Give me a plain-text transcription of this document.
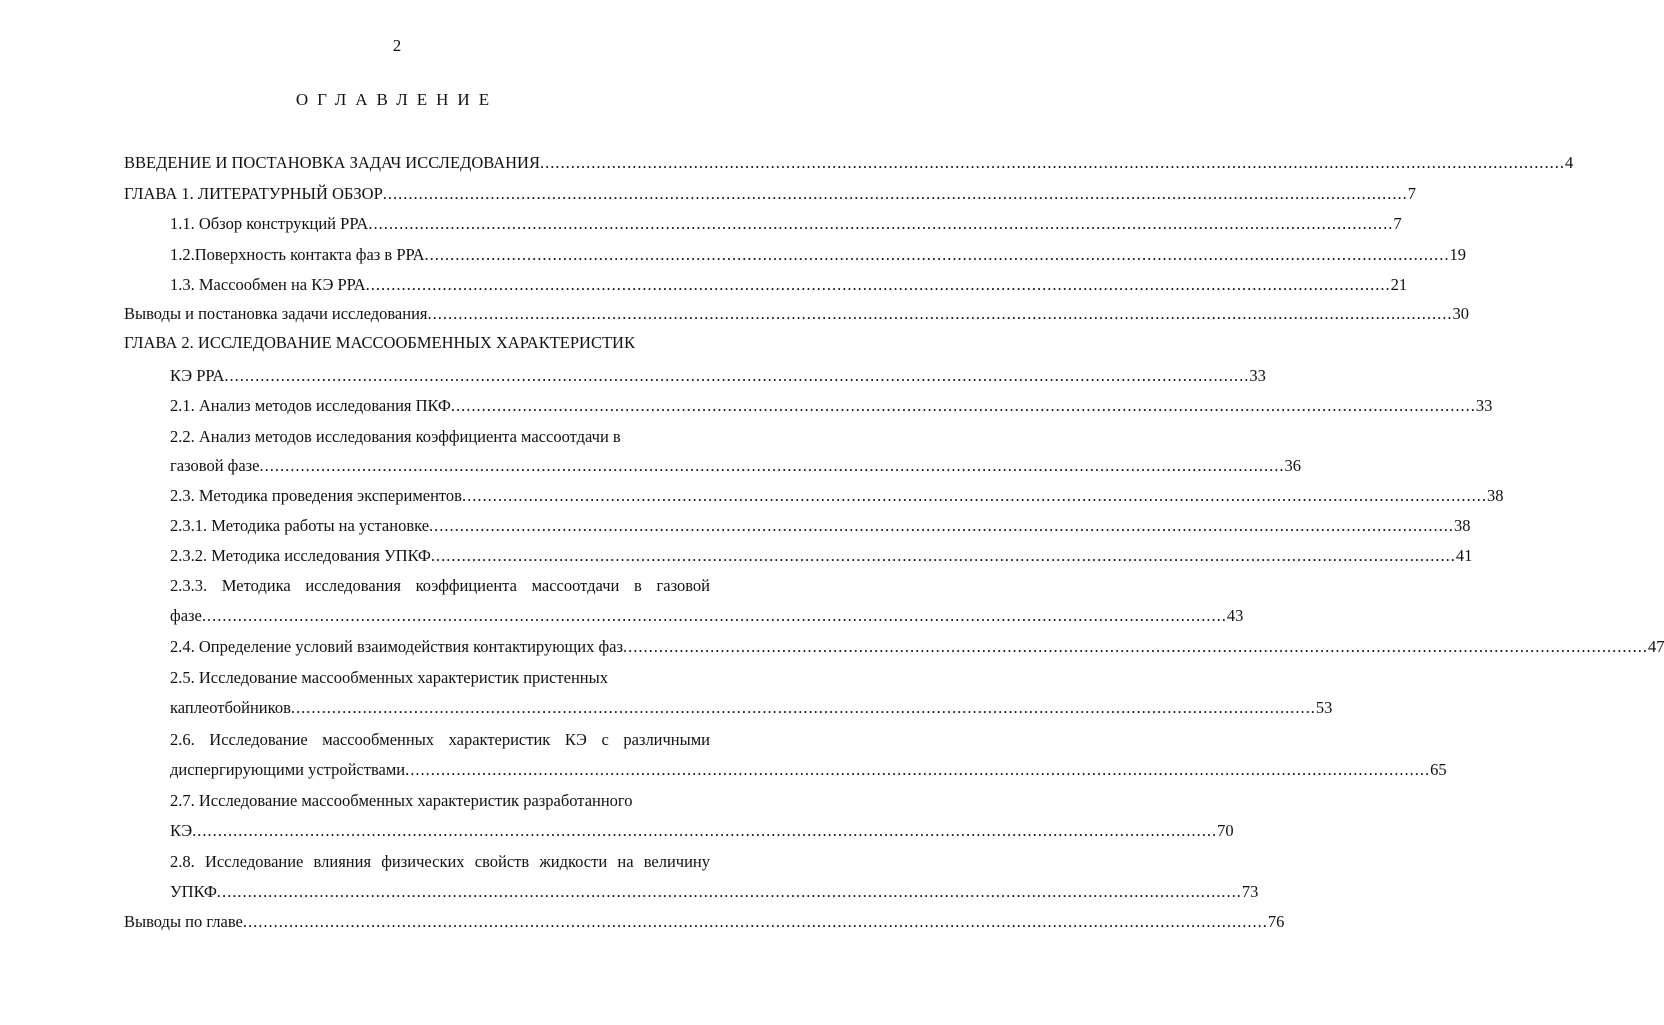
2
ОГЛАВЛЕНИЕ
ВВЕДЕНИЕ И ПОСТАНОВКА ЗАДАЧ ИССЛЕДОВАНИЯ ........................................................................................................................................................................................................ 4
ГЛАВА 1. ЛИТЕРАТУРНЫЙ ОБЗОР ........................................................................................................................................................................................................ 7
1.1. Обзор конструкций РРА ........................................................................................................................................................................................................ 7
1.2.Поверхность контакта фаз в РРА ........................................................................................................................................................................................................ 19
1.3. Массообмен на КЭ РРА ........................................................................................................................................................................................................ 21
Выводы и постановка задачи исследования ........................................................................................................................................................................................................ 30
ГЛАВА 2. ИССЛЕДОВАНИЕ МАССООБМЕННЫХ ХАРАКТЕРИСТИК
КЭ РРА ........................................................................................................................................................................................................ 33
2.1. Анализ методов исследования ПКФ ........................................................................................................................................................................................................ 33
2.2. Анализ методов исследования коэффициента массоотдачи в
газовой фазе ........................................................................................................................................................................................................ 36
2.3. Методика проведения экспериментов ........................................................................................................................................................................................................ 38
2.3.1. Методика работы на установке ........................................................................................................................................................................................................ 38
2.3.2. Методика исследования УПКФ ........................................................................................................................................................................................................ 41
2.3.3. Методика исследования коэффициента массоотдачи в газовой
фазе ........................................................................................................................................................................................................ 43
2.4. Определение условий взаимодействия контактирующих фаз ........................................................................................................................................................................................................ 47
2.5. Исследование массообменных характеристик пристенных
каплеотбойников ........................................................................................................................................................................................................ 53
2.6. Исследование массообменных характеристик КЭ с различными
диспергирующими устройствами ........................................................................................................................................................................................................ 65
2.7. Исследование массообменных характеристик разработанного
КЭ ........................................................................................................................................................................................................ 70
2.8. Исследование влияния физических свойств жидкости на величину
УПКФ ........................................................................................................................................................................................................ 73
Выводы по главе ........................................................................................................................................................................................................ 76
